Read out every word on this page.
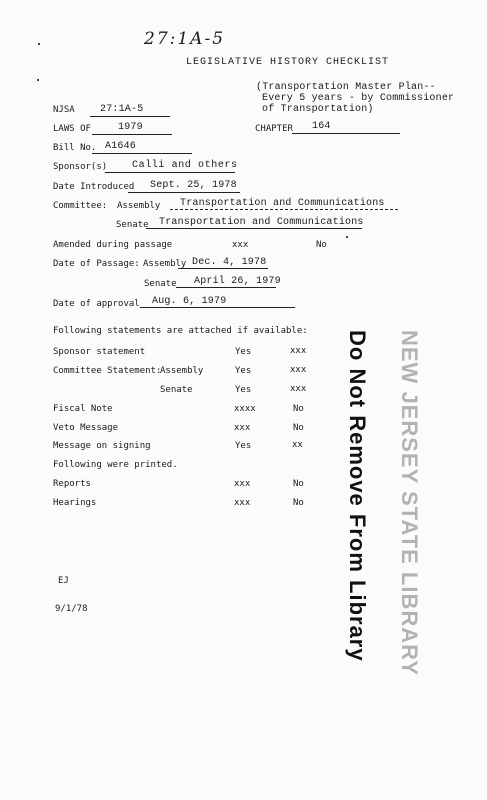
27:1A-5
LEGISLATIVE HISTORY CHECKLIST
(Transportation Master Plan--
Every 5 years - by Commissioner
of Transportation)
NJSA	27:1A-5
LAWS OF	1979	CHAPTER 164
Bill No. A1646
Sponsor(s) Calli and others
Date Introduced Sept. 25, 1978
Committee: Assembly Transportation and Communications
Senate Transportation and Communications
Amended during passage	xxx	No
Date of Passage: Assembly Dec. 4, 1978
Senate April 26, 1979
Date of approval Aug. 6, 1979
Following statements are attached if available:
Sponsor statement	Yes	xxx
Committee Statement:
Assembly	Yes	xxx
Senate	Yes	xxx
Fiscal Note	xxxx	No
Veto Message	xxx	No
Message on signing	Yes	xx
Following were printed.
Reports	xxx	No
Hearings	xxx	No Do Not Remove From Library NEW JERSEY STATE LIBRARY
EJ
9/1/78
